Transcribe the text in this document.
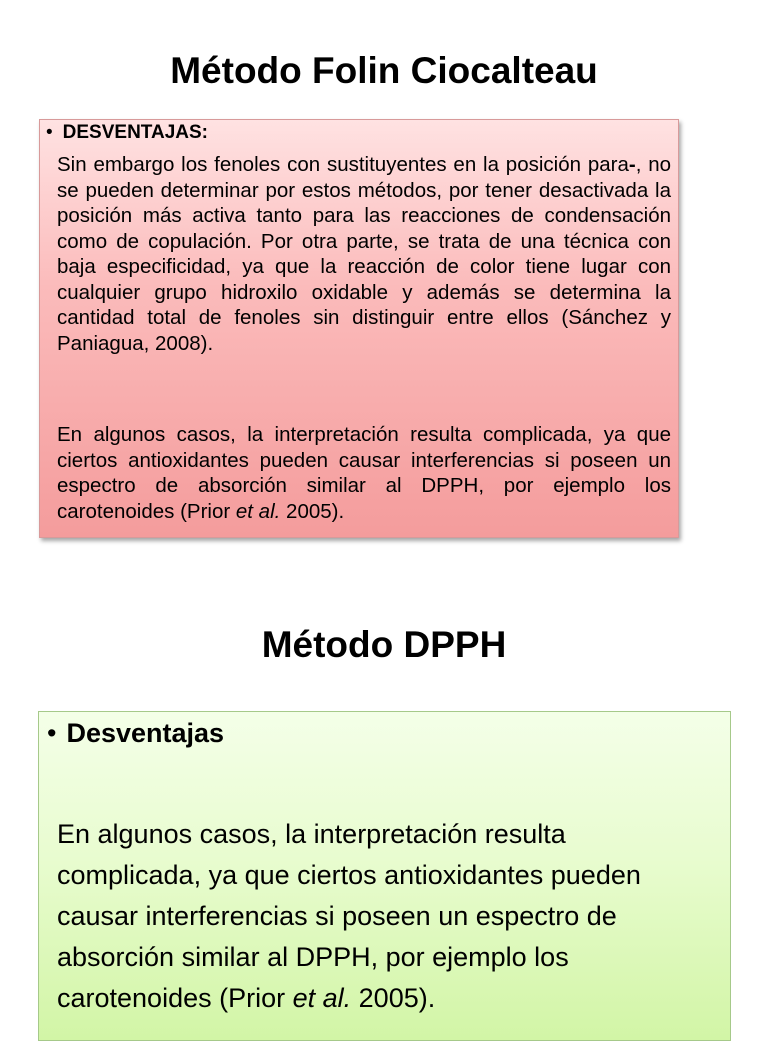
Método Folin Ciocalteau
• DESVENTAJAS:
Sin embargo los fenoles con sustituyentes en la posición para-, no se pueden determinar por estos métodos, por tener desactivada la posición más activa tanto para las reacciones de condensación como de copulación. Por otra parte, se trata de una técnica con baja especificidad, ya que la reacción de color tiene lugar con cualquier grupo hidroxilo oxidable y además se determina la cantidad total de fenoles sin distinguir entre ellos (Sánchez y Paniagua, 2008).
En algunos casos, la interpretación resulta complicada, ya que ciertos antioxidantes pueden causar interferencias si poseen un espectro de absorción similar al DPPH, por ejemplo los carotenoides (Prior et al. 2005).
Método DPPH
• Desventajas
En algunos casos, la interpretación resulta complicada, ya que ciertos antioxidantes pueden causar interferencias si poseen un espectro de absorción similar al DPPH, por ejemplo los carotenoides (Prior et al. 2005).
